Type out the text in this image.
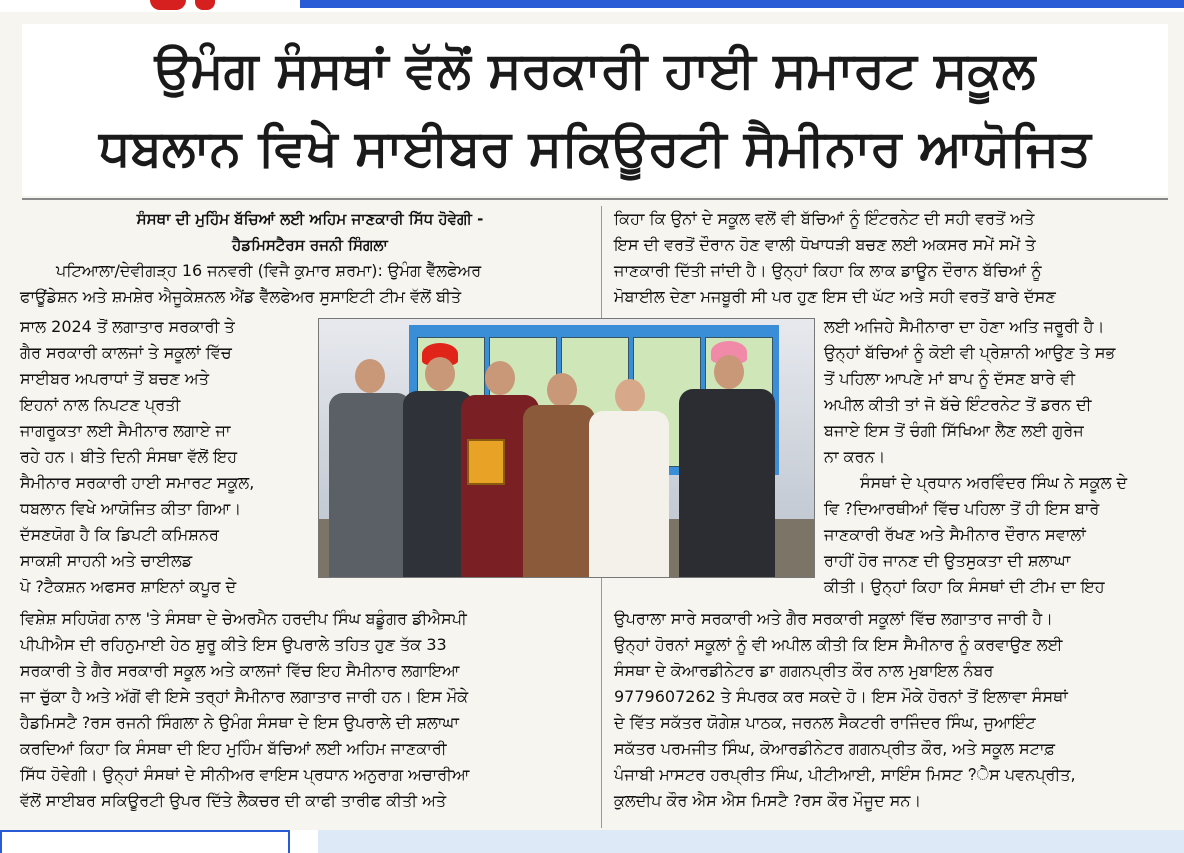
ਉਮੰਗ ਸੰਸਥਾਂ ਵੱਲੋਂ ਸਰਕਾਰੀ ਹਾਈ ਸਮਾਰਟ ਸਕੂਲ
ਧਬਲਾਨ ਵਿਖੇ ਸਾਈਬਰ ਸਕਿਊਰਟੀ ਸੈਮੀਨਾਰ ਆਯੋਜਿਤ
ਸੰਸਥਾ ਦੀ ਮੁਹਿੰਮ ਬੱਚਿਆਂ ਲਈ ਅਹਿਮ ਜਾਣਕਾਰੀ ਸਿੱਧ ਹੋਵੇਗੀ -
ਹੈਡਮਿਸਟੈਰਸ ਰਜਨੀ ਸਿੰਗਲਾ

ਪਟਿਆਲਾ/ਦੇਵੀਗੜ੍ਹ 16 ਜਨਵਰੀ (ਵਿਜੈ ਕੁਮਾਰ ਸ਼ਰਮਾ): ਉਮੰਗ ਵੈੱਲਫੇਅਰ

ਫਾਊਂਡੇਸ਼ਨ ਅਤੇ ਸ਼ਮਸ਼ੇਰ ਐਜੂਕੇਸ਼ਨਲ ਐਂਡ ਵੈੱਲਫੇਅਰ ਸੁਸਾਇਟੀ ਟੀਮ ਵੱਲੋਂ ਬੀਤੇ

ਸਾਲ 2024 ਤੋਂ ਲਗਾਤਾਰ ਸਰਕਾਰੀ ਤੇ

ਗੈਰ ਸਰਕਾਰੀ ਕਾਲਜਾਂ ਤੇ ਸਕੂਲਾਂ ਵਿੱਚ

ਸਾਈਬਰ ਅਪਰਾਧਾਂ ਤੋਂ ਬਚਣ ਅਤੇ

ਇਹਨਾਂ ਨਾਲ ਨਿਪਟਣ ਪ੍ਰਤੀ

ਜਾਗਰੂਕਤਾ ਲਈ ਸੈਮੀਨਾਰ ਲਗਾਏ ਜਾ

ਰਹੇ ਹਨ। ਬੀਤੇ ਦਿਨੀ ਸੰਸਥਾ ਵੱਲੋਂ ਇਹ

ਸੈਮੀਨਾਰ ਸਰਕਾਰੀ ਹਾਈ ਸਮਾਰਟ ਸਕੂਲ,

ਧਬਲਾਨ ਵਿਖੇ ਆਯੋਜਿਤ ਕੀਤਾ ਗਿਆ।

ਦੱਸਣਯੋਗ ਹੈ ਕਿ ਡਿਪਟੀ ਕਮਿਸ਼ਨਰ

ਸਾਕਸ਼ੀ ਸਾਹਨੀ ਅਤੇ ਚਾਈਲਡ

ਪੋ ?ਟੈਕਸ਼ਨ ਅਫਸਰ ਸ਼ਾਇਨਾਂ ਕਪੂਰ ਦੇ

ਵਿਸ਼ੇਸ਼ ਸਹਿਯੋਗ ਨਾਲ 'ਤੇ ਸੰਸਥਾ ਦੇ ਚੇਅਰਮੈਨ ਹਰਦੀਪ ਸਿੰਘ ਬਡੂੰਗਰ ਡੀਐਸਪੀ

ਪੀਪੀਐਸ ਦੀ ਰਹਿਨੁਮਾਈ ਹੇਠ ਸ਼ੁਰੂ ਕੀਤੇ ਇਸ ਉਪਰਾਲੇ ਤਹਿਤ ਹੁਣ ਤੱਕ 33

ਸਰਕਾਰੀ ਤੇ ਗੈਰ ਸਰਕਾਰੀ ਸਕੂਲ ਅਤੇ ਕਾਲਜਾਂ ਵਿੱਚ ਇਹ ਸੈਮੀਨਾਰ ਲਗਾਇਆ

ਜਾ ਚੁੱਕਾ ਹੈ ਅਤੇ ਅੱਗੋਂ ਵੀ ਇਸੇ ਤਰ੍ਹਾਂ ਸੈਮੀਨਾਰ ਲਗਾਤਾਰ ਜਾਰੀ ਹਨ। ਇਸ ਮੌਕੇ

ਹੈਡਮਿਸਟੈ ?ਰਸ ਰਜਨੀ ਸਿੰਗਲਾ ਨੇ ਉਮੰਗ ਸੰਸਥਾ ਦੇ ਇਸ ਉਪਰਾਲੇ ਦੀ ਸ਼ਲਾਘਾ

ਕਰਦਿਆਂ ਕਿਹਾ ਕਿ ਸੰਸਥਾ ਦੀ ਇਹ ਮੁਹਿੰਮ ਬੱਚਿਆਂ ਲਈ ਅਹਿਮ ਜਾਣਕਾਰੀ

ਸਿੱਧ ਹੋਵੇਗੀ। ਉਨ੍ਹਾਂ ਸੰਸਥਾਂ ਦੇ ਸੀਨੀਅਰ ਵਾਇਸ ਪ੍ਰਧਾਨ ਅਨੁਰਾਗ ਅਚਾਰੀਆ

ਵੱਲੋਂ ਸਾਈਬਰ ਸਕਿਊਰਟੀ ਉਪਰ ਦਿੱਤੇ ਲੈਕਚਰ ਦੀ ਕਾਫੀ ਤਾਰੀਫ ਕੀਤੀ ਅਤੇ

ਕਿਹਾ ਕਿ ਉਨਾਂ ਦੇ ਸਕੂਲ ਵਲੋਂ ਵੀ ਬੱਚਿਆਂ ਨੂੰ ਇੰਟਰਨੇਟ ਦੀ ਸਹੀ ਵਰਤੋਂ ਅਤੇ

ਇਸ ਦੀ ਵਰਤੋਂ ਦੌਰਾਨ ਹੋਣ ਵਾਲੀ ਧੋਖਾਧੜੀ ਬਚਣ ਲਈ ਅਕਸਰ ਸਮੇਂ ਸਮੇਂ ਤੇ

ਜਾਣਕਾਰੀ ਦਿੱਤੀ ਜਾਂਦੀ ਹੈ। ਉਨ੍ਹਾਂ ਕਿਹਾ ਕਿ ਲਾਕ ਡਾਊਨ ਦੌਰਾਨ ਬੱਚਿਆਂ ਨੂੰ

ਮੋਬਾਈਲ ਦੇਣਾ ਮਜਬੂਰੀ ਸੀ ਪਰ ਹੁਣ ਇਸ ਦੀ ਘੱਟ ਅਤੇ ਸਹੀ ਵਰਤੋਂ ਬਾਰੇ ਦੱਸਣ

ਲਈ ਅਜਿਹੇ ਸੈਮੀਨਾਰਾ ਦਾ ਹੋਣਾ ਅਤਿ ਜਰੂਰੀ ਹੈ।

ਉਨ੍ਹਾਂ ਬੱਚਿਆਂ ਨੂੰ ਕੋਈ ਵੀ ਪ੍ਰੇਸ਼ਾਨੀ ਆਉਣ ਤੇ ਸਭ

ਤੋਂ ਪਹਿਲਾ ਆਪਣੇ ਮਾਂ ਬਾਪ ਨੂੰ ਦੱਸਣ ਬਾਰੇ ਵੀ

ਅਪੀਲ ਕੀਤੀ ਤਾਂ ਜੋ ਬੱਚੇ ਇੰਟਰਨੇਟ ਤੋਂ ਡਰਨ ਦੀ

ਬਜਾਏ ਇਸ ਤੋਂ ਚੰਗੀ ਸਿੱਖਿਆ ਲੈਣ ਲਈ ਗੁਰੇਜ

ਨਾ ਕਰਨ।

ਸੰਸਥਾਂ ਦੇ ਪ੍ਰਧਾਨ ਅਰਵਿੰਦਰ ਸਿੰਘ ਨੇ ਸਕੂਲ ਦੇ

ਵਿ ?ਦਿਆਰਥੀਆਂ ਵਿੱਚ ਪਹਿਲਾ ਤੋਂ ਹੀ ਇਸ ਬਾਰੇ

ਜਾਣਕਾਰੀ ਰੱਖਣ ਅਤੇ ਸੈਮੀਨਾਰ ਦੌਰਾਨ ਸਵਾਲਾਂ

ਰਾਹੀਂ ਹੋਰ ਜਾਨਣ ਦੀ ਉਤਸੁਕਤਾ ਦੀ ਸ਼ਲਾਘਾ

ਕੀਤੀ। ਉਨ੍ਹਾਂ ਕਿਹਾ ਕਿ ਸੰਸਥਾਂ ਦੀ ਟੀਮ ਦਾ ਇਹ

ਉਪਰਾਲਾ ਸਾਰੇ ਸਰਕਾਰੀ ਅਤੇ ਗੈਰ ਸਰਕਾਰੀ ਸਕੂਲਾਂ ਵਿੱਚ ਲਗਾਤਾਰ ਜਾਰੀ ਹੈ।

ਉਨ੍ਹਾਂ ਹੋਰਨਾਂ ਸਕੂਲਾਂ ਨੂੰ ਵੀ ਅਪੀਲ ਕੀਤੀ ਕਿ ਇਸ ਸੈਮੀਨਾਰ ਨੂੰ ਕਰਵਾਉਣ ਲਈ

ਸੰਸਥਾ ਦੇ ਕੋਆਰਡੀਨੇਟਰ ਡਾ ਗਗਨਪ੍ਰੀਤ ਕੌਰ ਨਾਲ ਮੁਬਾਇਲ ਨੰਬਰ

9779607262 ਤੇ ਸੰਪਰਕ ਕਰ ਸਕਦੇ ਹੋ। ਇਸ ਮੌਕੇ ਹੋਰਨਾਂ ਤੋਂ ਇਲਾਵਾ ਸੰਸਥਾਂ

ਦੇ ਵਿੱਤ ਸਕੱਤਰ ਯੋਗੇਸ਼ ਪਾਠਕ, ਜਰਨਲ ਸੈਕਟਰੀ ਰਾਜਿੰਦਰ ਸਿੰਘ, ਜੁਆਇੰਟ

ਸਕੱਤਰ ਪਰਮਜੀਤ ਸਿੰਘ, ਕੋਆਰਡੀਨੇਟਰ ਗਗਨਪ੍ਰੀਤ ਕੌਰ, ਅਤੇ ਸਕੂਲ ਸਟਾਫ਼

ਪੰਜਾਬੀ ਮਾਸਟਰ ਹਰਪ੍ਰੀਤ ਸਿੰਘ, ਪੀਟੀਆਈ, ਸਾਇੰਸ ਮਿਸਟ ?ੈਸ ਪਵਨਪ੍ਰੀਤ,

ਕੁਲਦੀਪ ਕੌਰ ਐਸ ਐਸ ਮਿਸਟੈ ?ਰਸ ਕੌਰ ਮੌਜੂਦ ਸਨ।
